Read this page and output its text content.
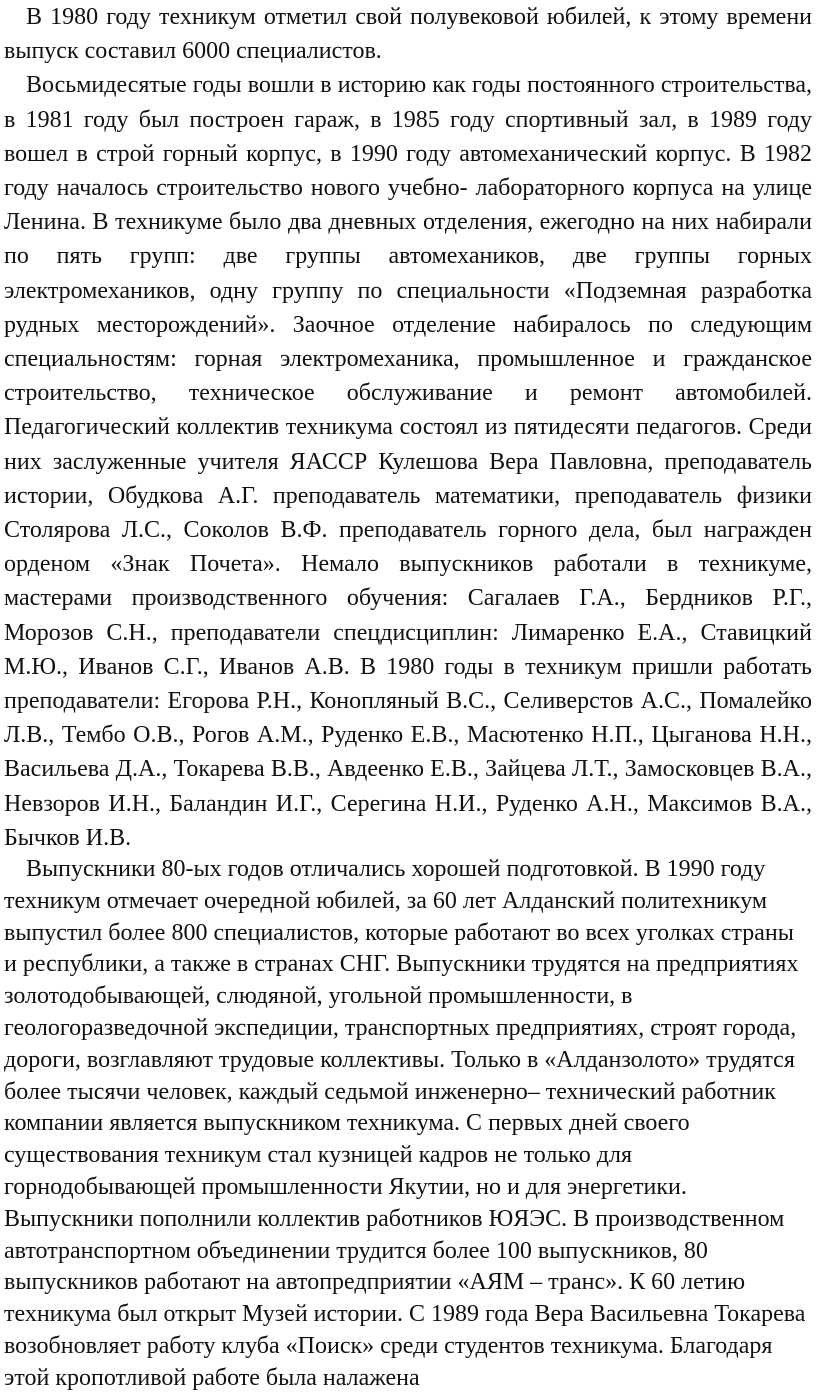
В 1980 году техникум отметил свой полувековой юбилей, к этому времени выпуск составил 6000 специалистов.

Восьмидесятые годы вошли в историю как годы постоянного строительства, в 1981 году был построен гараж, в 1985 году спортивный зал, в 1989 году вошел в строй горный корпус, в 1990 году автомеханический корпус. В 1982 году началось строительство нового учебно- лабораторного корпуса на улице Ленина. В техникуме было два дневных отделения, ежегодно на них набирали по пять групп: две группы автомехаников, две группы горных электромехаников, одну группу по специальности «Подземная разработка рудных месторождений». Заочное отделение набиралось по следующим специальностям: горная электромеханика, промышленное и гражданское строительство, техническое обслуживание и ремонт автомобилей. Педагогический коллектив техникума состоял из пятидесяти педагогов. Среди них заслуженные учителя ЯАССР Кулешова Вера Павловна, преподаватель истории, Обудкова А.Г. преподаватель математики, преподаватель физики Столярова Л.С., Соколов В.Ф. преподаватель горного дела, был награжден орденом «Знак Почета». Немало выпускников работали в техникуме, мастерами производственного обучения: Сагалаев Г.А., Бердников Р.Г., Морозов С.Н., преподаватели спецдисциплин: Лимаренко Е.А., Ставицкий М.Ю., Иванов С.Г., Иванов А.В. В 1980 годы в техникум пришли работать преподаватели: Егорова Р.Н., Конопляный В.С., Селиверстов А.С., Помалейко Л.В., Тембо О.В., Рогов А.М., Руденко Е.В., Масютенко Н.П., Цыганова Н.Н., Васильева Д.А., Токарева В.В., Авдеенко Е.В., Зайцева Л.Т., Замосковцев В.А., Невзоров И.Н., Баландин И.Г., Серегина Н.И., Руденко А.Н., Максимов В.А., Бычков И.В.

Выпускники 80-ых годов отличались хорошей подготовкой. В 1990 году техникум отмечает очередной юбилей, за 60 лет Алданский политехникум выпустил более 800 специалистов, которые работают во всех уголках страны и республики, а также в странах СНГ. Выпускники трудятся на предприятиях золотодобывающей, слюдяной, угольной промышленности, в геологоразведочной экспедиции, транспортных предприятиях, строят города, дороги, возглавляют трудовые коллективы. Только в «Алданзолото» трудятся более тысячи человек, каждый седьмой инженерно– технический работник компании является выпускником техникума. С первых дней своего существования техникум стал кузницей кадров не только для горнодобывающей промышленности Якутии, но и для энергетики. Выпускники пополнили коллектив работников ЮЯЭС. В производственном автотранспортном объединении трудится более 100 выпускников, 80 выпускников работают на автопредприятии «АЯМ – транс». К 60 летию техникума был открыт Музей истории. С 1989 года Вера Васильевна Токарева возобновляет работу клуба «Поиск» среди студентов техникума. Благодаря этой кропотливой работе была налажена
